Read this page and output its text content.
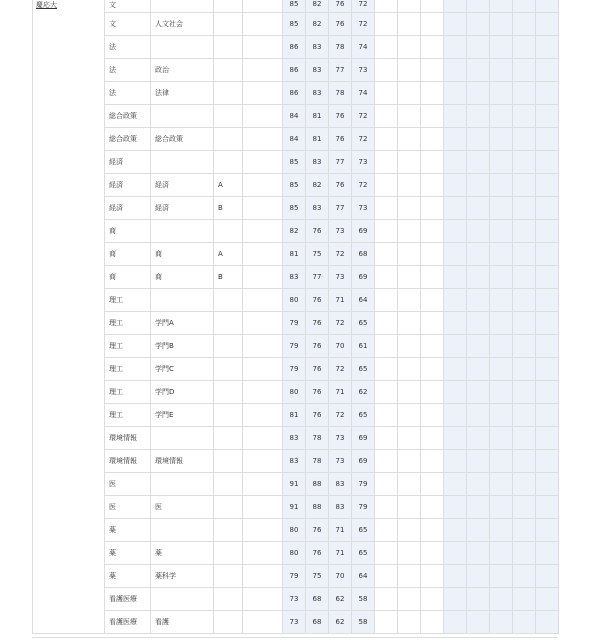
慶応大	文				85	82	76	72								
	文	人文社会			85	82	76	72								
	法				86	83	78	74								
	法	政治			86	83	77	73								
	法	法律			86	83	78	74								
	総合政策				84	81	76	72								
	総合政策	総合政策			84	81	76	72								
	経済				85	83	77	73								
	経済	経済	A		85	82	76	72								
	経済	経済	B		85	83	77	73								
	商				82	76	73	69								
	商	商	A		81	75	72	68								
	商	商	B		83	77	73	69								
	理工				80	76	71	64								
	理工	学門A			79	76	72	65								
	理工	学門B			79	76	70	61								
	理工	学門C			79	76	72	65								
	理工	学門D			80	76	71	62								
	理工	学門E			81	76	72	65								
	環境情報				83	78	73	69								
	環境情報	環境情報			83	78	73	69								
	医				91	88	83	79								
	医	医			91	88	83	79								
	薬				80	76	71	65								
	薬	薬			80	76	71	65								
	薬	薬科学			79	75	70	64								
	看護医療				73	68	62	58								
	看護医療	看護			73	68	62	58								
